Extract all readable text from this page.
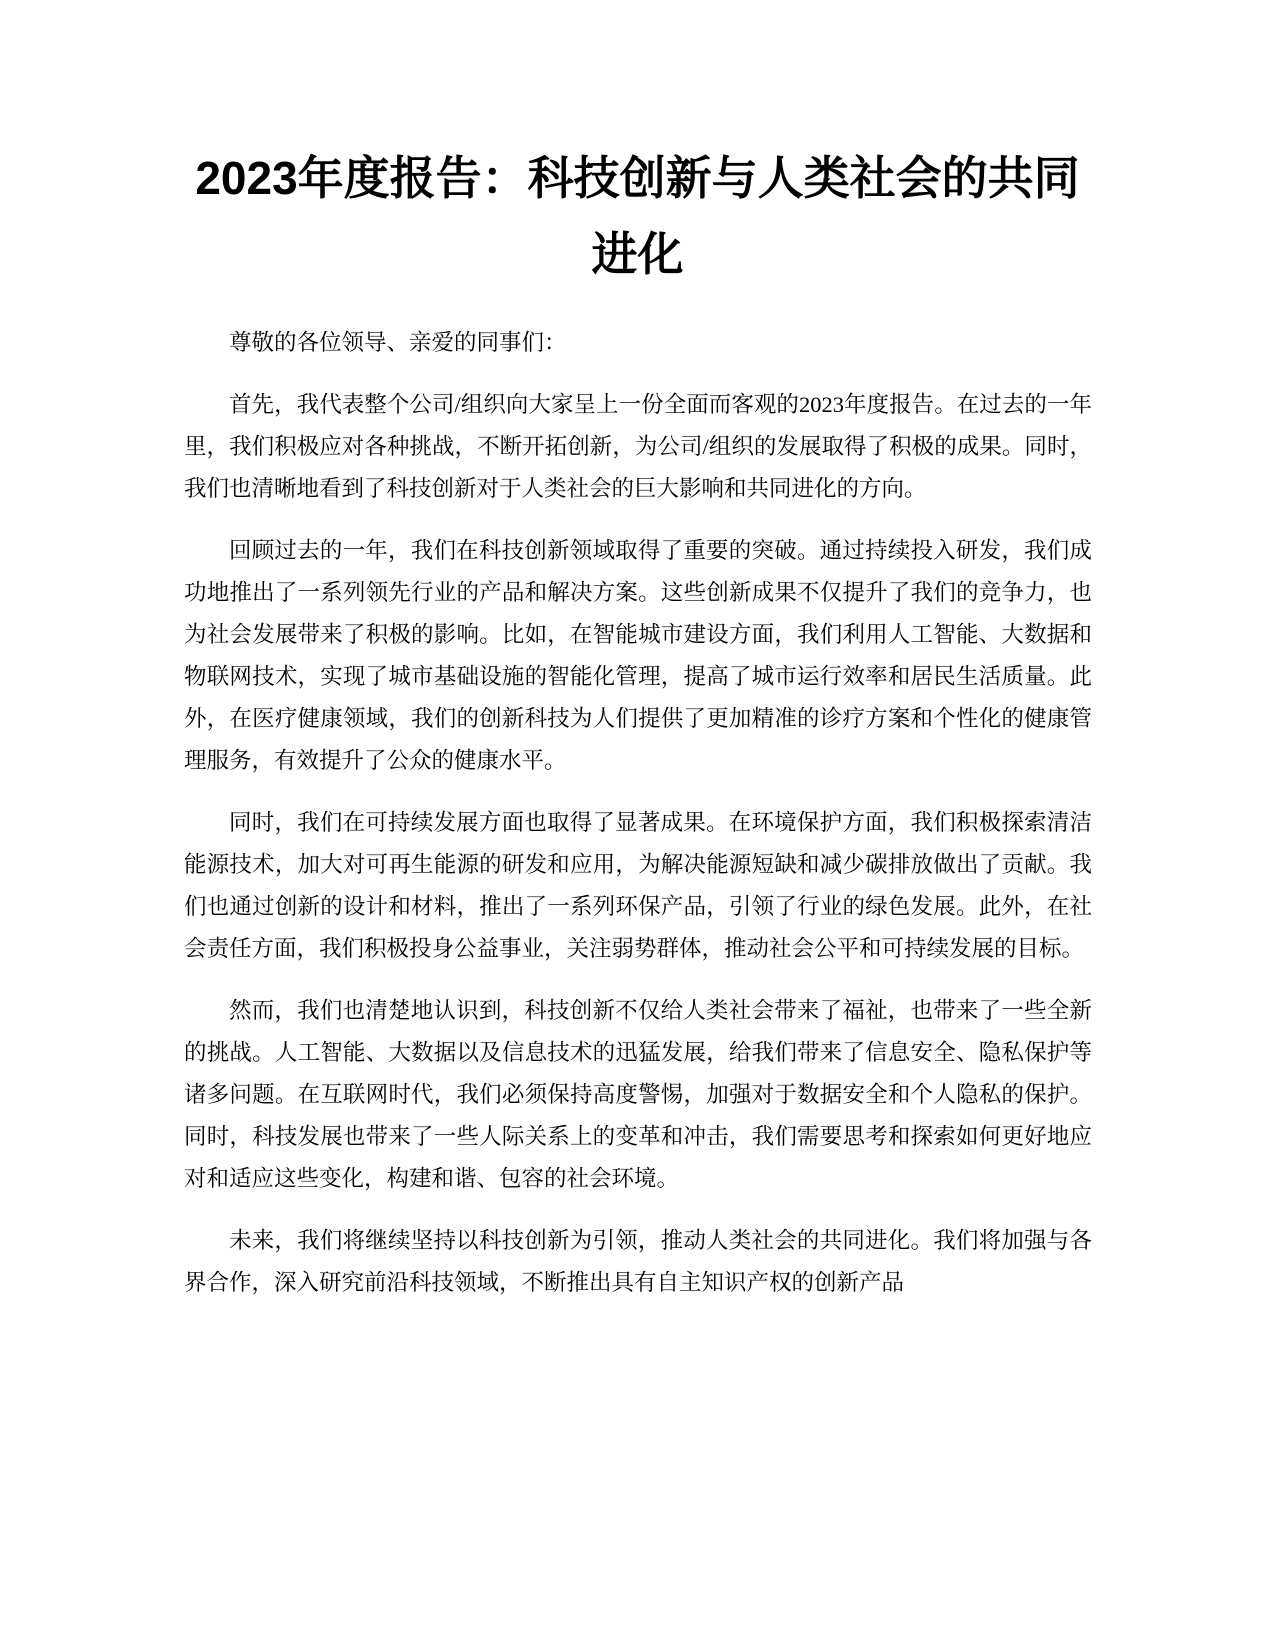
2023年度报告：科技创新与人类社会的共同进化

尊敬的各位领导、亲爱的同事们：

首先，我代表整个公司/组织向大家呈上一份全面而客观的2023年度报告。在过去的一年里，我们积极应对各种挑战，不断开拓创新，为公司/组织的发展取得了积极的成果。同时，我们也清晰地看到了科技创新对于人类社会的巨大影响和共同进化的方向。

回顾过去的一年，我们在科技创新领域取得了重要的突破。通过持续投入研发，我们成功地推出了一系列领先行业的产品和解决方案。这些创新成果不仅提升了我们的竞争力，也为社会发展带来了积极的影响。比如，在智能城市建设方面，我们利用人工智能、大数据和物联网技术，实现了城市基础设施的智能化管理，提高了城市运行效率和居民生活质量。此外，在医疗健康领域，我们的创新科技为人们提供了更加精准的诊疗方案和个性化的健康管理服务，有效提升了公众的健康水平。

同时，我们在可持续发展方面也取得了显著成果。在环境保护方面，我们积极探索清洁能源技术，加大对可再生能源的研发和应用，为解决能源短缺和减少碳排放做出了贡献。我们也通过创新的设计和材料，推出了一系列环保产品，引领了行业的绿色发展。此外，在社会责任方面，我们积极投身公益事业，关注弱势群体，推动社会公平和可持续发展的目标。

然而，我们也清楚地认识到，科技创新不仅给人类社会带来了福祉，也带来了一些全新的挑战。人工智能、大数据以及信息技术的迅猛发展，给我们带来了信息安全、隐私保护等诸多问题。在互联网时代，我们必须保持高度警惕，加强对于数据安全和个人隐私的保护。同时，科技发展也带来了一些人际关系上的变革和冲击，我们需要思考和探索如何更好地应对和适应这些变化，构建和谐、包容的社会环境。

未来，我们将继续坚持以科技创新为引领，推动人类社会的共同进化。我们将加强与各界合作，深入研究前沿科技领域，不断推出具有自主知识产权的创新产品
